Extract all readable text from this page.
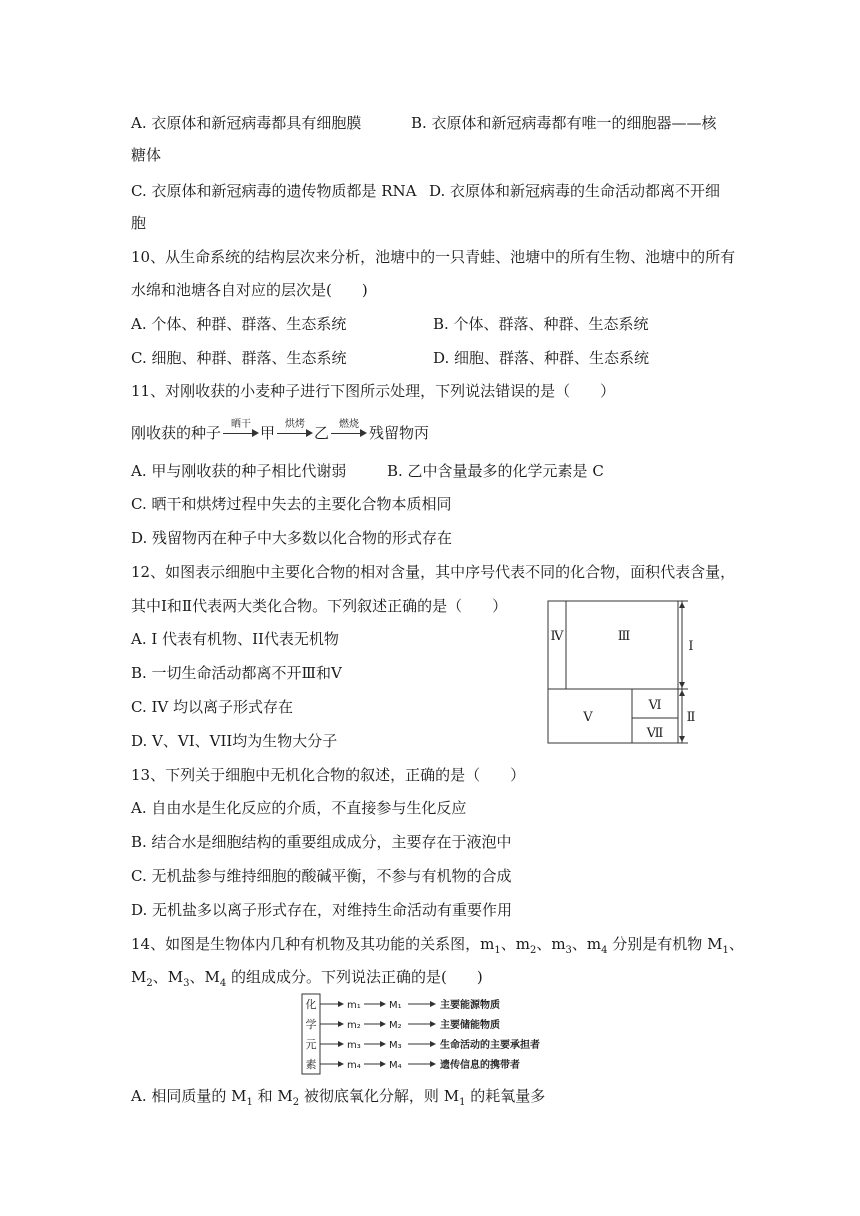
A. 衣原体和新冠病毒都具有细胞膜	B. 衣原体和新冠病毒都有唯一的细胞器——核
糖体
C. 衣原体和新冠病毒的遗传物质都是 RNA D. 衣原体和新冠病毒的生命活动都离不开细
胞
10、从生命系统的结构层次来分析，池塘中的一只青蛙、池塘中的所有生物、池塘中的所有
水绵和池塘各自对应的层次是(　　)
A. 个体、种群、群落、生态系统	B. 个体、群落、种群、生态系统
C. 细胞、种群、群落、生态系统	D. 细胞、群落、种群、生态系统
11、对刚收获的小麦种子进行下图所示处理，下列说法错误的是（　　）
刚收获的种子 晒干 甲 烘烤 乙 燃烧 残留物丙
A. 甲与刚收获的种子相比代谢弱	B. 乙中含量最多的化学元素是 C
C. 晒干和烘烤过程中失去的主要化合物本质相同
D. 残留物丙在种子中大多数以化合物的形式存在
12、如图表示细胞中主要化合物的相对含量，其中序号代表不同的化合物，面积代表含量，
其中Ⅰ和Ⅱ代表两大类化合物。下列叙述正确的是（　　）
A. I 代表有机物、II代表无机物
B. 一切生命活动都离不开Ⅲ和V
C. IV 均以离子形式存在
D. V、VI、VII均为生物大分子
Ⅳ	Ⅲ
Ⅴ
Ⅵ
Ⅶ
Ⅰ
Ⅱ
13、下列关于细胞中无机化合物的叙述，正确的是（　　）
A. 自由水是生化反应的介质，不直接参与生化反应
B. 结合水是细胞结构的重要组成成分，主要存在于液泡中
C. 无机盐参与维持细胞的酸碱平衡，不参与有机物的合成
D. 无机盐多以离子形式存在，对维持生命活动有重要作用
14、如图是生物体内几种有机物及其功能的关系图，$m_1$、$m_2$、$m_3$、$m_4$ 分别是有机物 $M_1$、
$M_2$、$M_3$、$M_4$ 的组成成分。下列说法正确的是(　　)
化
学
元
素
m₁	M₁	主要能源物质
m₂	M₂	主要储能物质
m₃	M₃	生命活动的主要承担者
m₄	M₄	遗传信息的携带者
A. 相同质量的 $M_1$ 和 $M_2$ 被彻底氧化分解，则 $M_1$ 的耗氧量多
